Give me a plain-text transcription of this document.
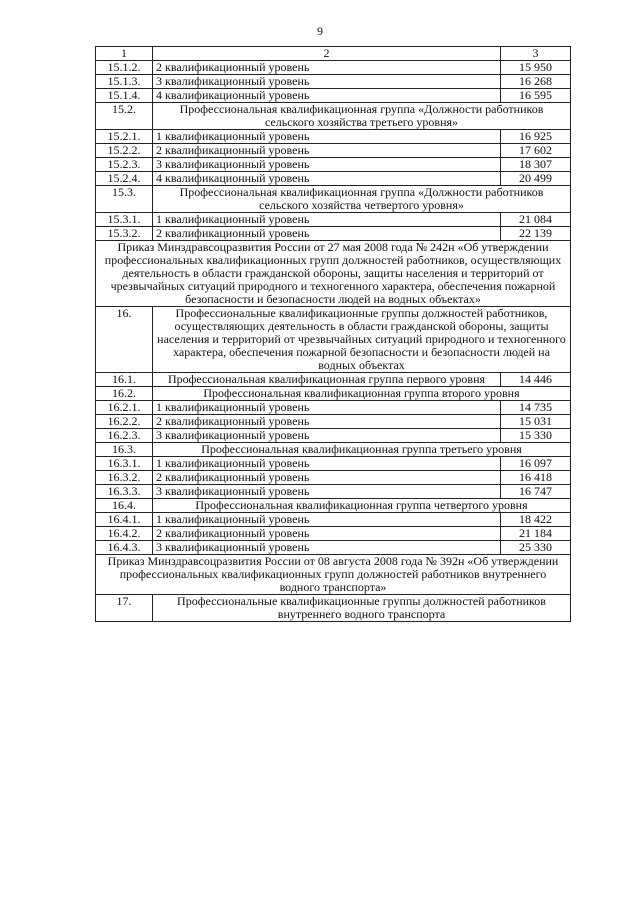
9
1	2	3
15.1.2.	2 квалификационный уровень	15 950
15.1.3.	3 квалификационный уровень	16 268
15.1.4.	4 квалификационный уровень	16 595
15.2.	Профессиональная квалификационная группа «Должности работников сельского хозяйства третьего уровня»	
15.2.1.	1 квалификационный уровень	16 925
15.2.2.	2 квалификационный уровень	17 602
15.2.3.	3 квалификационный уровень	18 307
15.2.4.	4 квалификационный уровень	20 499
15.3.	Профессиональная квалификационная группа «Должности работников сельского хозяйства четвертого уровня»	
15.3.1.	1 квалификационный уровень	21 084
15.3.2.	2 квалификационный уровень	22 139
Приказ Минздравсоцразвития России от 27 мая 2008 года № 242н «Об утверждении профессиональных квалификационных групп должностей работников, осуществляющих деятельность в области гражданской обороны, защиты населения и территорий от чрезвычайных ситуаций природного и техногенного характера, обеспечения пожарной безопасности и безопасности людей на водных объектах»		
16.	Профессиональные квалификационные группы должностей работников, осуществляющих деятельность в области гражданской обороны, защиты населения и территорий от чрезвычайных ситуаций природного и техногенного характера, обеспечения пожарной безопасности и безопасности людей на водных объектах	
16.1.	Профессиональная квалификационная группа первого уровня	14 446
16.2.	Профессиональная квалификационная группа второго уровня	
16.2.1.	1 квалификационный уровень	14 735
16.2.2.	2 квалификационный уровень	15 031
16.2.3.	3 квалификационный уровень	15 330
16.3.	Профессиональная квалификационная группа третьего уровня	
16.3.1.	1 квалификационный уровень	16 097
16.3.2.	2 квалификационный уровень	16 418
16.3.3.	3 квалификационный уровень	16 747
16.4.	Профессиональная квалификационная группа четвертого уровня	
16.4.1.	1 квалификационный уровень	18 422
16.4.2.	2 квалификационный уровень	21 184
16.4.3.	3 квалификационный уровень	25 330
Приказ Минздравсоцразвития России от 08 августа 2008 года № 392н «Об утверждении профессиональных квалификационных групп должностей работников внутреннего водного транспорта»		
17.	Профессиональные квалификационные группы должностей работников внутреннего водного транспорта	
